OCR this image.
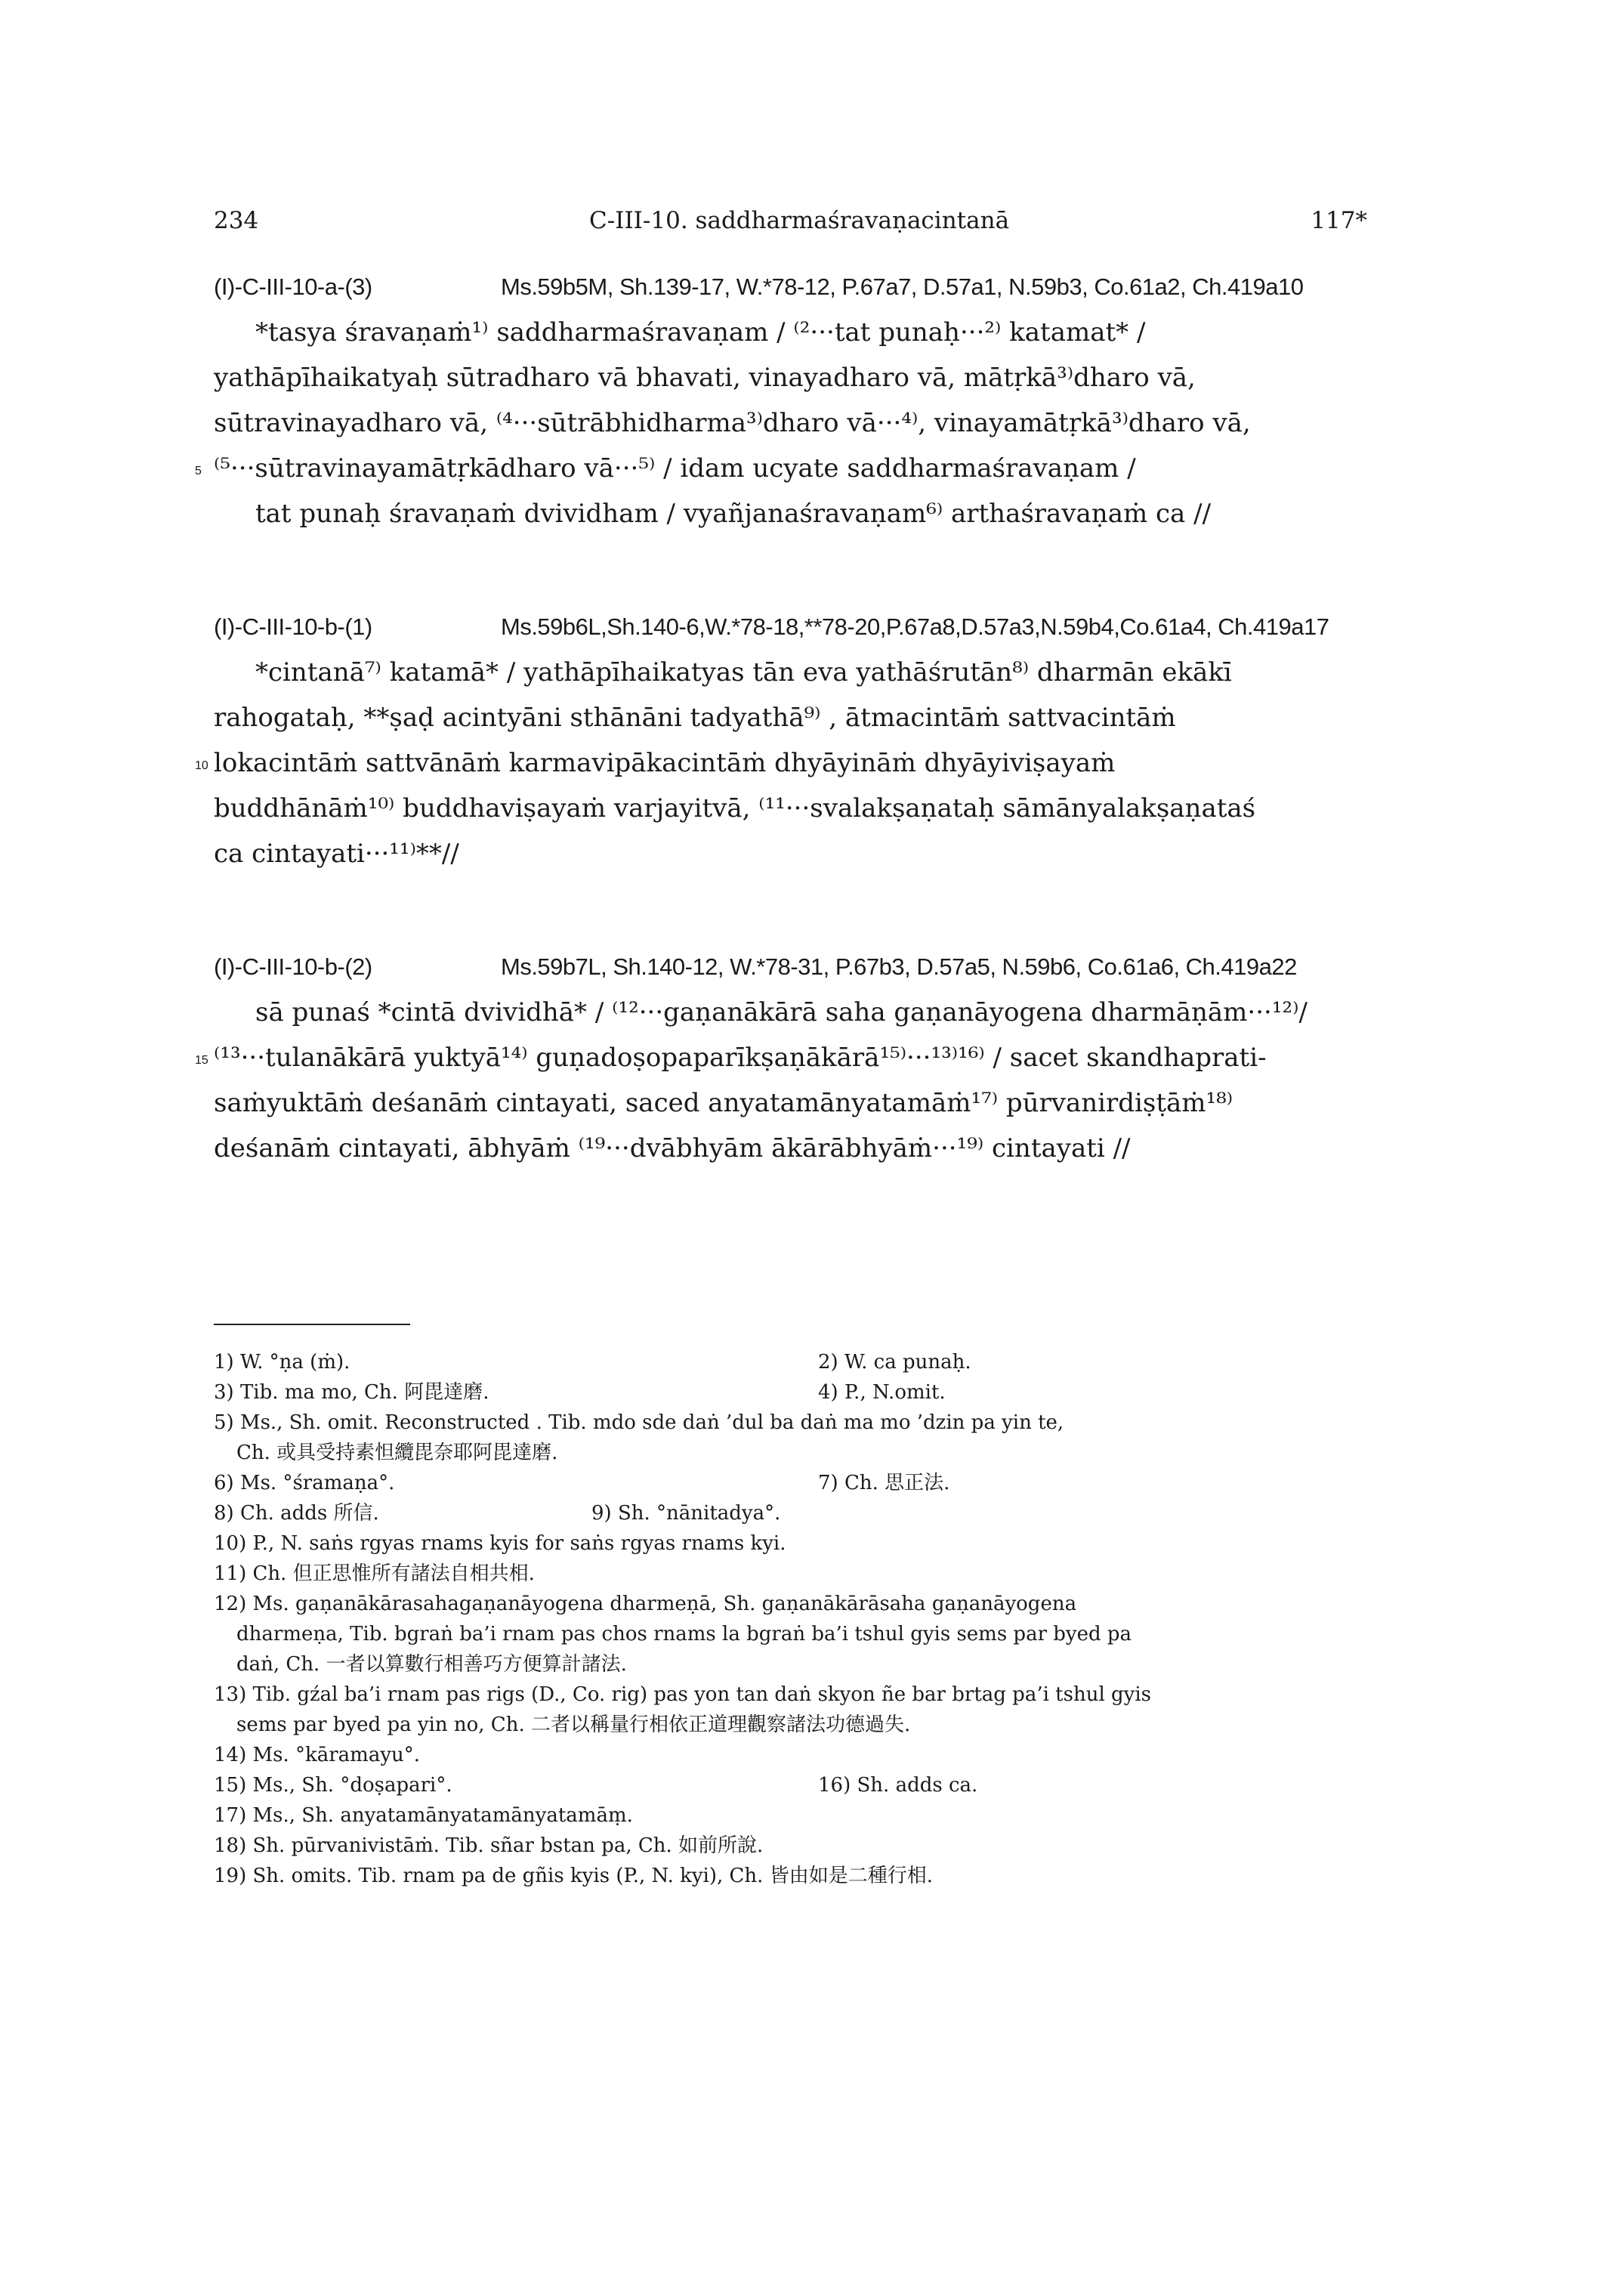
234	C-III-10. saddharmaśravaṇacintanā	117*
(I)-C-III-10-a-(3)	Ms.59b5M, Sh.139-17, W.*78-12, P.67a7, D.57a1, N.59b3, Co.61a2, Ch.419a10
*tasya śravaṇaṁ¹⁾ saddharmaśravaṇam / ⁽²···tat punaḥ···²⁾ katamat* /
yathāpīhaikatyaḥ sūtradharo vā bhavati, vinayadharo vā, mātṛkā³⁾dharo vā,
sūtravinayadharo vā, ⁽⁴···sūtrābhidharma³⁾dharo vā···⁴⁾, vinayamātṛkā³⁾dharo vā,
5 ⁽⁵···sūtravinayamātṛkādharo vā···⁵⁾ / idam ucyate saddharmaśravaṇam /
tat punaḥ śravaṇaṁ dvividham / vyañjanaśravaṇam⁶⁾ arthaśravaṇaṁ ca //
(I)-C-III-10-b-(1)	Ms.59b6L,Sh.140-6,W.*78-18,**78-20,P.67a8,D.57a3,N.59b4,Co.61a4, Ch.419a17
*cintanā⁷⁾ katamā* / yathāpīhaikatyas tān eva yathāśrutān⁸⁾ dharmān ekākī
rahogataḥ, **ṣaḍ acintyāni sthānāni tadyathā⁹⁾ , ātmacintāṁ sattvacintāṁ
10 lokacintāṁ sattvānāṁ karmavipākacintāṁ dhyāyināṁ dhyāyiviṣayaṁ
buddhānāṁ¹⁰⁾ buddhaviṣayaṁ varjayitvā, ⁽¹¹···svalakṣaṇataḥ sāmānyalakṣaṇataś
ca cintayati···¹¹⁾**//
(I)-C-III-10-b-(2)	Ms.59b7L, Sh.140-12, W.*78-31, P.67b3, D.57a5, N.59b6, Co.61a6, Ch.419a22
sā punaś *cintā dvividhā* / ⁽¹²···gaṇanākārā saha gaṇanāyogena dharmāṇām···¹²⁾/
15 ⁽¹³···tulanākārā yuktyā¹⁴⁾ guṇadoṣopaparīkṣaṇākārā¹⁵⁾···¹³⁾¹⁶⁾ / sacet skandhaprati-
saṁyuktāṁ deśanāṁ cintayati, saced anyatamānyatamāṁ¹⁷⁾ pūrvanirdiṣṭāṁ¹⁸⁾
deśanāṁ cintayati, ābhyāṁ ⁽¹⁹···dvābhyām ākārābhyāṁ···¹⁹⁾ cintayati //
1) W. °ṇa (ṁ).	2) W. ca punaḥ.
3) Tib. ma mo, Ch. 阿毘達磨.	4) P., N.omit.
5) Ms., Sh. omit. Reconstructed . Tib. mdo sde daṅ ’dul ba daṅ ma mo ’dzin pa yin te,
Ch. 或具受持素怛纜毘奈耶阿毘達磨.
6) Ms. °śramaṇa°.	7) Ch. 思正法.
8) Ch. adds 所信.	9) Sh. °nānitadya°.
10) P., N. saṅs rgyas rnams kyis for saṅs rgyas rnams kyi.
11) Ch. 但正思惟所有諸法自相共相.
12) Ms. gaṇanākārasahagaṇanāyogena dharmeṇā, Sh. gaṇanākārāsaha gaṇanāyogena
dharmeṇa, Tib. bgraṅ ba’i rnam pas chos rnams la bgraṅ ba’i tshul gyis sems par byed pa
daṅ, Ch. 一者以算數行相善巧方便算計諸法.
13) Tib. gźal ba’i rnam pas rigs (D., Co. rig) pas yon tan daṅ skyon ñe bar brtag pa’i tshul gyis
sems par byed pa yin no, Ch. 二者以稱量行相依正道理觀察諸法功德過失.
14) Ms. °kāramayu°.
15) Ms., Sh. °doṣapari°.	16) Sh. adds ca.
17) Ms., Sh. anyatamānyatamānyatamāṃ.
18) Sh. pūrvanivistāṁ. Tib. sñar bstan pa, Ch. 如前所說.
19) Sh. omits. Tib. rnam pa de gñis kyis (P., N. kyi), Ch. 皆由如是二種行相.
